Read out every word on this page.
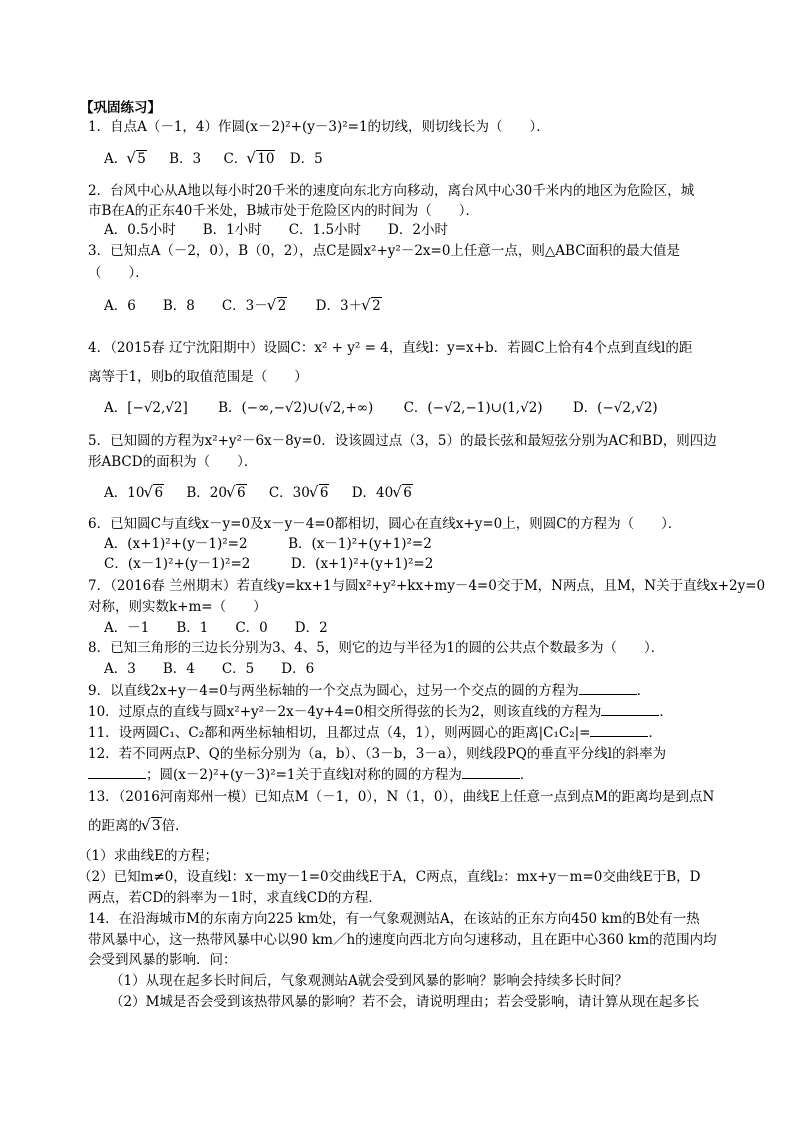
【巩固练习】
1．自点A（－1，4）作圆(x－2)²+(y－3)²=1的切线，则切线长为（　　）．
A． √ 5 B．3 C． √ 10 D．5
2．台风中心从A地以每小时20千米的速度向东北方向移动，离台风中心30千米内的地区为危险区，城
市B在A的正东40千米处，B城市处于危险区内的时间为（　　）．
A．0.5小时　　B．1小时　　C．1.5小时　　D．2小时
3．已知点A（－2，0），B（0，2），点C是圆x²+y²－2x=0上任意一点，则△ABC面积的最大值是
（　　）．
A．6　　B．8　　C．3－ √ 2 D．3＋ √ 2
4．（2015春 辽宁沈阳期中）设圆C：x² + y² = 4，直线l：y=x+b．若圆C上恰有4个点到直线l的距
离等于1，则b的取值范围是（　　）
A．[−√2,√2] B．(−∞,−√2)∪(√2,+∞) C．(−√2,−1)∪(1,√2) D．(−√2,√2)
5．已知圆的方程为x²+y²－6x－8y=0．设该圆过点（3，5）的最长弦和最短弦分别为AC和BD，则四边
形ABCD的面积为（　　）．
A．10 √ 6 B．20 √ 6 C．30 √ 6 D．40 √ 6
6．已知圆C与直线x－y=0及x－y－4=0都相切，圆心在直线x+y=0上，则圆C的方程为（　　）．
A．(x+1)²+(y－1)²=2　　　B．(x－1)²+(y+1)²=2
C．(x－1)²+(y－1)²=2　　　D．(x+1)²+(y+1)²=2
7．（2016春 兰州期末）若直线y=kx+1与圆x²+y²+kx+my－4=0交于M，N两点，且M，N关于直线x+2y=0
对称，则实数k+m=（　　）
A．－1　　B．1　　C．0　　D．2
8．已知三角形的三边长分别为3、4、5，则它的边与半径为1的圆的公共点个数最多为（　　）．
A．3　　B．4　　C．5　　D．6
9．以直线2x+y－4=0与两坐标轴的一个交点为圆心，过另一个交点的圆的方程为	．
10．过原点的直线与圆x²+y²－2x－4y+4=0相交所得弦的长为2，则该直线的方程为	．
11．设两圆C₁、C₂都和两坐标轴相切，且都过点（4，1），则两圆心的距离|C₁C₂|=	．
12．若不同两点P、Q的坐标分别为（a，b）、（3－b，3－a），则线段PQ的垂直平分线l的斜率为
；圆(x－2)²+(y－3)²=1关于直线l对称的圆的方程为	．
13．（2016河南郑州一模）已知点M（－1，0），N（1，0），曲线E上任意一点到点M的距离均是到点N
的距离的 √ 3倍．
（1）求曲线E的方程；
（2）已知m≠0，设直线l：x－my－1=0交曲线E于A，C两点，直线l₂：mx+y－m=0交曲线E于B，D
两点，若CD的斜率为－1时，求直线CD的方程．
14．在沿海城市M的东南方向225 km处，有一气象观测站A，在该站的正东方向450 km的B处有一热
带风暴中心，这一热带风暴中心以90 km／h的速度向西北方向匀速移动，且在距中心360 km的范围内均
会受到风暴的影响．问：
（1）从现在起多长时间后，气象观测站A就会受到风暴的影响？影响会持续多长时间？
（2）M城是否会受到该热带风暴的影响？若不会，请说明理由；若会受影响，请计算从现在起多长
